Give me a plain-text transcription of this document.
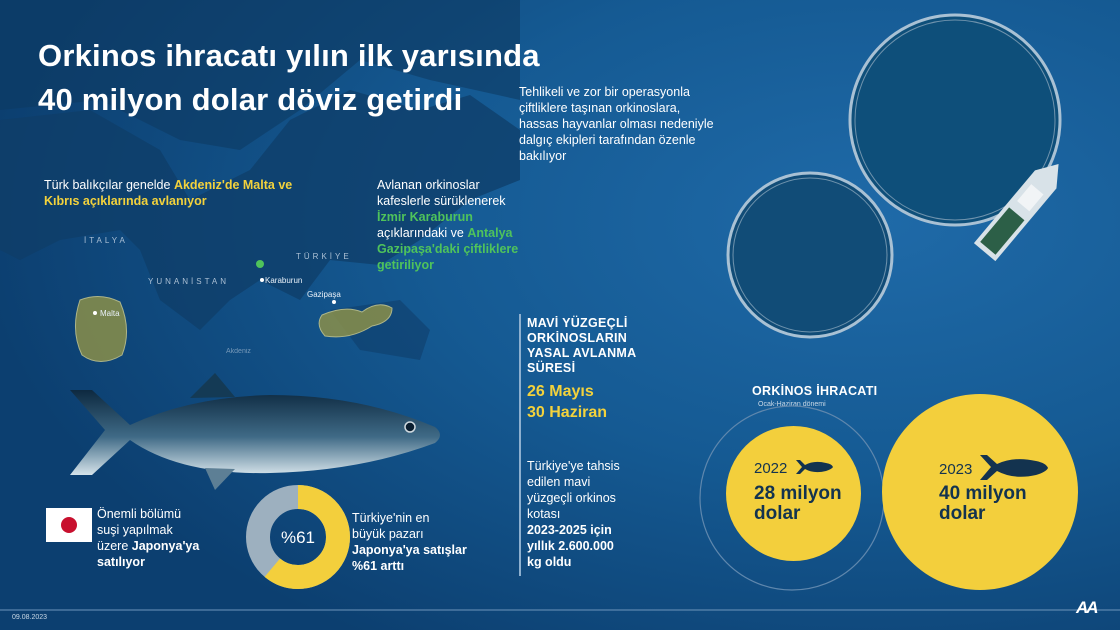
Orkinos ihracatı yılın ilk yarısında
40 milyon dolar döviz getirdi	Tehlikeli ve zor bir operasyonla
çiftliklere taşınan orkinoslara,
hassas hayvanlar olması nedeniyle
dalgıç ekipleri tarafından özenle
bakılıyor
Türk balıkçılar genelde Akdeniz'de Malta ve
Kıbrıs açıklarında avlanıyor
Avlanan orkinoslar
kafeslerle sürüklenerek
İzmir Karaburun
açıklarındaki ve Antalya
Gazipaşa'daki çiftliklere
getiriliyor
İTALYA
YUNANİSTAN
TÜRKİYE
Malta
Karaburun
Gazipaşa
Akdeniz
MAVİ YÜZGEÇLİ
ORKİNOSLARIN
YASAL AVLANMA
SÜRESİ
26 Mayıs
30 Haziran
Türkiye'ye tahsis
edilen mavi
yüzgeçli orkinos
kotası
2023-2025 için
yıllık 2.600.000
kg oldu
Önemli bölümü
suşi yapılmak
üzere Japonya'ya
satılıyor
%61
Türkiye'nin en
büyük pazarı
Japonya'ya satışlar
%61 arttı
ORKİNOS İHRACATI
Ocak-Haziran dönemi
2022
28 milyon
dolar
2023
40 milyon
dolar
09.08.2023
AA
